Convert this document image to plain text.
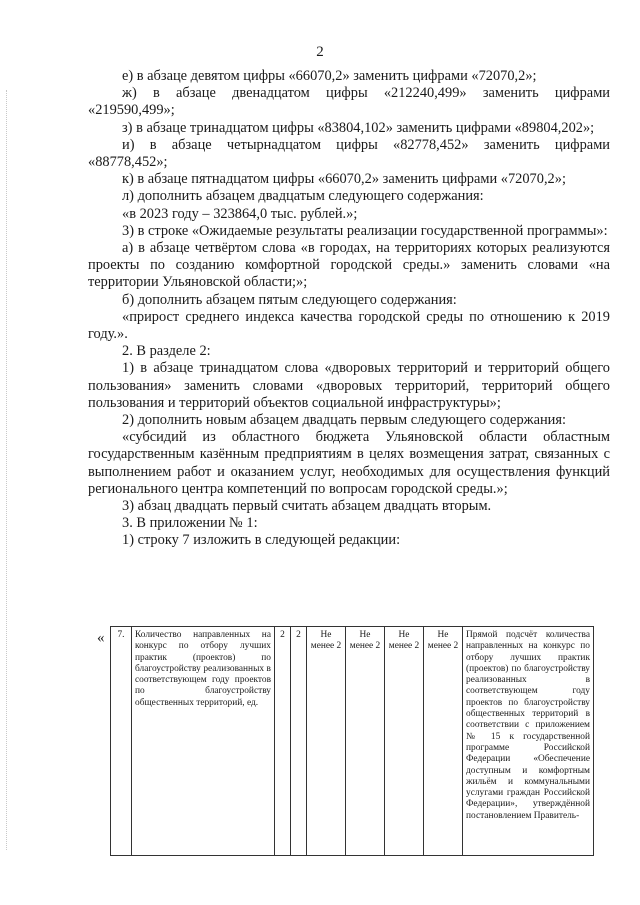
2

е) в абзаце девятом цифры «66070,2» заменить цифрами «72070,2»;

ж) в абзаце двенадцатом цифры «212240,499» заменить цифрами «219590,499»;

з) в абзаце тринадцатом цифры «83804,102» заменить цифрами «89804,202»;

и) в абзаце четырнадцатом цифры «82778,452» заменить цифрами «88778,452»;

к) в абзаце пятнадцатом цифры «66070,2» заменить цифрами «72070,2»;

л) дополнить абзацем двадцатым следующего содержания:

«в 2023 году – 323864,0 тыс. рублей.»;

3) в строке «Ожидаемые результаты реализации государственной программы»:

а) в абзаце четвёртом слова «в городах, на территориях которых реализуются проекты по созданию комфортной городской среды.» заменить словами «на территории Ульяновской области;»;

б) дополнить абзацем пятым следующего содержания:

«прирост среднего индекса качества городской среды по отношению к 2019 году.».

2. В разделе 2:

1) в абзаце тринадцатом слова «дворовых территорий и территорий общего пользования» заменить словами «дворовых территорий, территорий общего пользования и территорий объектов социальной инфраструктуры»;

2) дополнить новым абзацем двадцать первым следующего содержания:

«субсидий из областного бюджета Ульяновской области областным государственным казённым предприятиям в целях возмещения затрат, связанных с выполнением работ и оказанием услуг, необходимых для осуществления функций регионального центра компетенций по вопросам городской среды.»;

3) абзац двадцать первый считать абзацем двадцать вторым.

3. В приложении № 1:

1) строку 7 изложить в следующей редакции:

« 7.	Количество направленных на конкурс по отбору лучших практик (проектов) по благоустройству реализованных в соответствующем году проектов по благоустройству общественных территорий, ед.	2	2	Не менее 2	Не менее 2	Не менее 2	Не менее 2	Прямой подсчёт количества направленных на конкурс по отбору лучших практик (проектов) по благоустройству реализованных в соответствующем году проектов по благоустройству общественных территорий в соответствии с приложением № 15 к государственной программе Российской Федерации «Обеспечение доступным и комфортным жильём и коммунальными услугами граждан Российской Федерации», утверждённой постановлением Правитель-
